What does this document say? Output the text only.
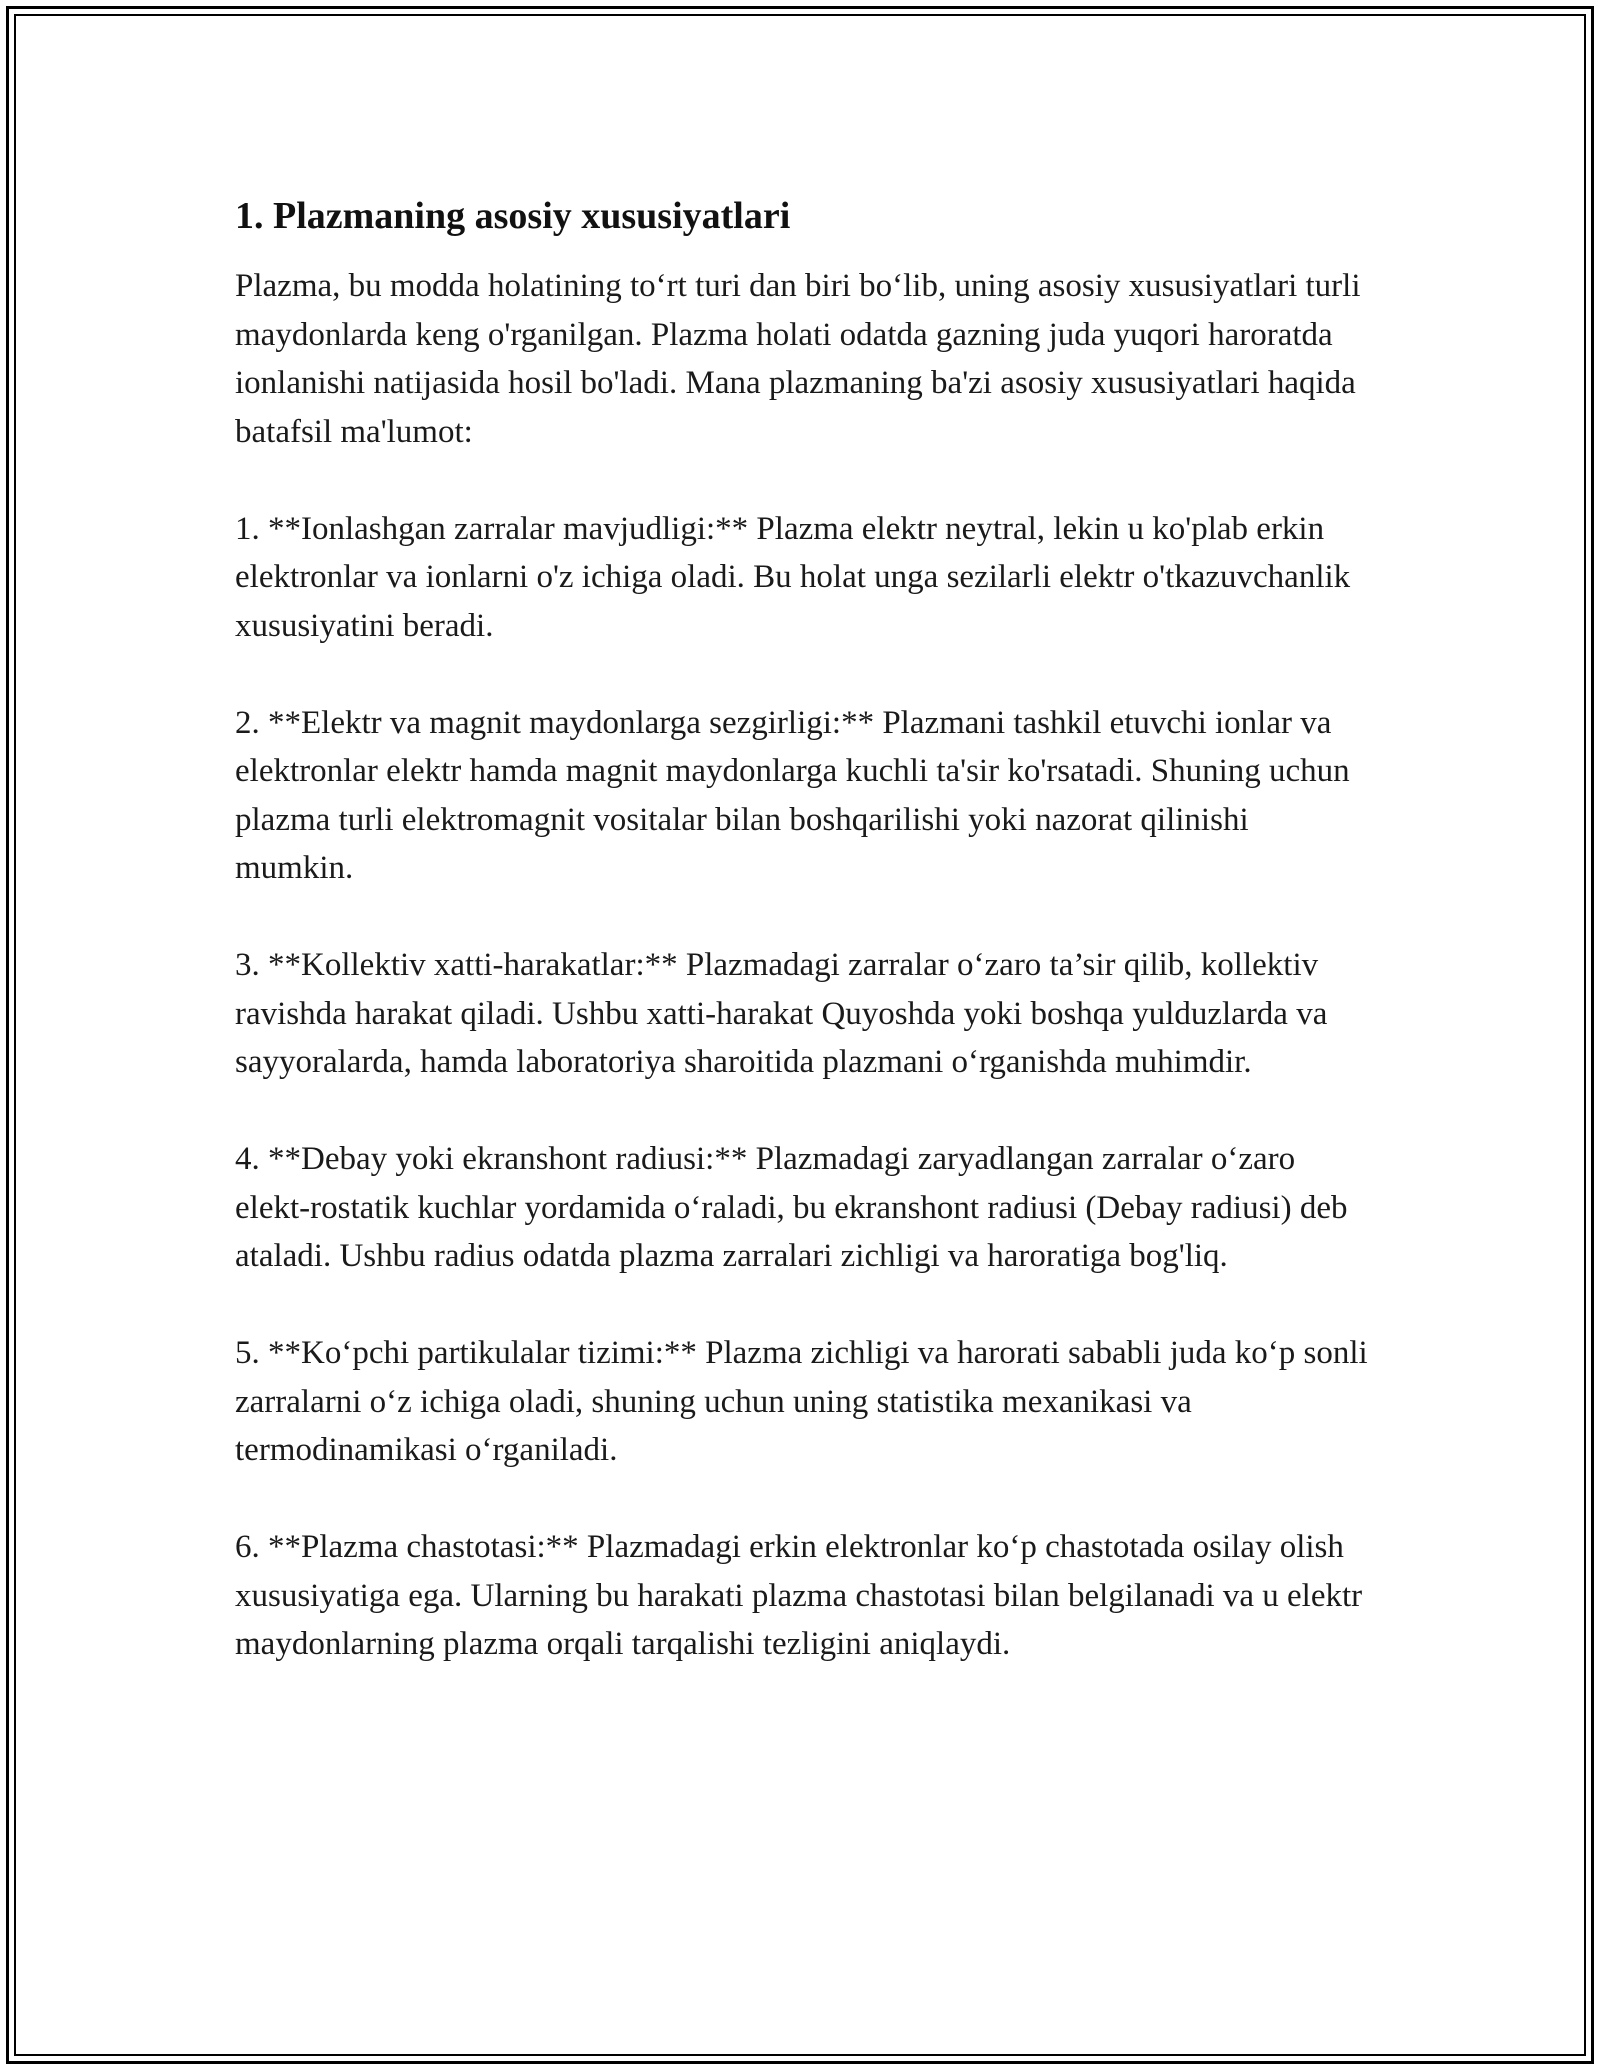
1. Plazmaning asosiy xususiyatlari

Plazma, bu modda holatining to‘rt turi dan biri bo‘lib, uning asosiy xususiyatlari turli maydonlarda keng o'rganilgan. Plazma holati odatda gazning juda yuqori haroratda ionlanishi natijasida hosil bo'ladi. Mana plazmaning ba'zi asosiy xususiyatlari haqida batafsil ma'lumot:

1. **Ionlashgan zarralar mavjudligi:** Plazma elektr neytral, lekin u ko'plab erkin elektronlar va ionlarni o'z ichiga oladi. Bu holat unga sezilarli elektr o'tkazuvchanlik xususiyatini beradi.

2. **Elektr va magnit maydonlarga sezgirligi:** Plazmani tashkil etuvchi ionlar va elektronlar elektr hamda magnit maydonlarga kuchli ta'sir ko'rsatadi. Shuning uchun plazma turli elektromagnit vositalar bilan boshqarilishi yoki nazorat qilinishi mumkin.

3. **Kollektiv xatti-harakatlar:** Plazmadagi zarralar o‘zaro ta’sir qilib, kollektiv ravishda harakat qiladi. Ushbu xatti-harakat Quyoshda yoki boshqa yulduzlarda va sayyoralarda, hamda laboratoriya sharoitida plazmani o‘rganishda muhimdir.

4. **Debay yoki ekranshont radiusi:** Plazmadagi zaryadlangan zarralar o‘zaro elekt-rostatik kuchlar yordamida o‘raladi, bu ekranshont radiusi (Debay radiusi) deb ataladi. Ushbu radius odatda plazma zarralari zichligi va haroratiga bog'liq.

5. **Ko‘pchi partikulalar tizimi:** Plazma zichligi va harorati sababli juda ko‘p sonli zarralarni o‘z ichiga oladi, shuning uchun uning statistika mexanikasi va termodinamikasi o‘rganiladi.

6. **Plazma chastotasi:** Plazmadagi erkin elektronlar ko‘p chastotada osilay olish xususiyatiga ega. Ularning bu harakati plazma chastotasi bilan belgilanadi va u elektr maydonlarning plazma orqali tarqalishi tezligini aniqlaydi.
